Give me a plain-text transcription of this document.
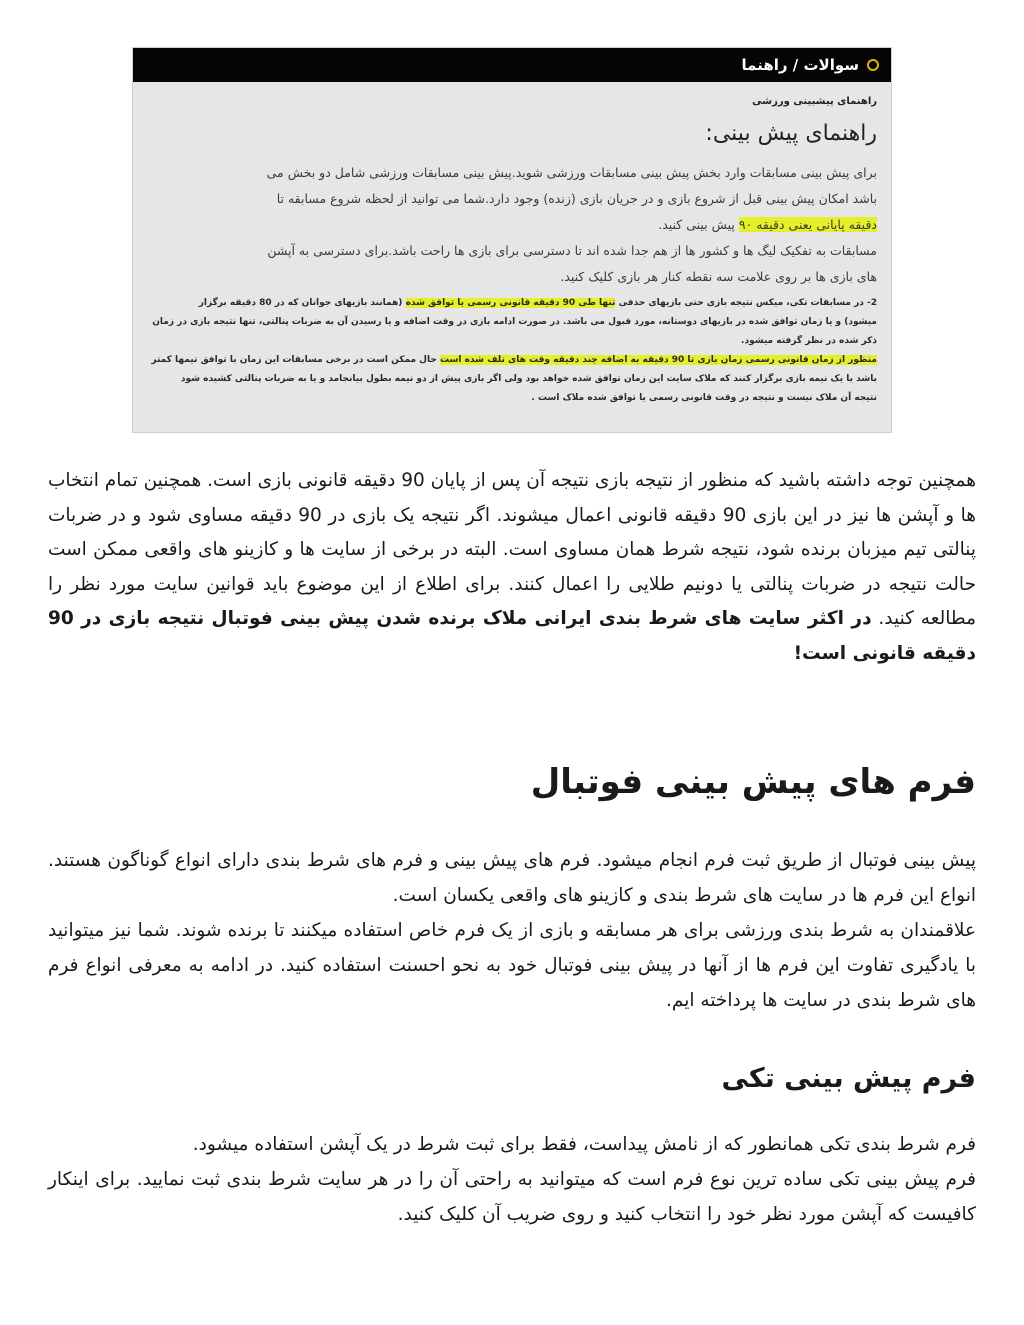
سوالات / راهنما
راهنمای پیشبینی ورزشی
راهنمای پیش بینی:
برای پیش بینی مسابقات وارد بخش پیش بینی مسابقات ورزشی شوید.پیش بینی مسابقات ورزشی شامل دو بخش می
باشد امکان پیش بینی قبل از شروع بازی و در جریان بازی (زنده) وجود دارد.شما می توانید از لحظه شروع مسابقه تا
دقیقه پایانی یعنی دقیقه ۹۰ پیش بینی کنید.
مسابقات به تفکیک لیگ ها و کشور ها از هم جدا شده اند تا دسترسی برای بازی ها راحت باشد.برای دسترسی به آپشن
های بازی ها بر روی علامت سه نقطه کنار هر بازی کلیک کنید.
2- در مسابقات تکی، میکس نتیجه بازی حتی بازیهای حذفی تنها طی 90 دقیقه قانونی رسمی یا توافق شده (همانند بازیهای جوانان که در 80 دقیقه برگزار
میشود) و یا زمان توافق شده در بازیهای دوستانه، مورد قبول می باشد. در صورت ادامه بازی در وقت اضافه و یا رسیدن آن به ضربات پنالتی، تنها نتیجه بازی در زمان
ذکر شده در نظر گرفته میشود.
منظور از زمان قانونی رسمی زمان بازی تا 90 دقیقه به اضافه چند دقیقه وقت های تلف شده است حال ممکن است در برخی مسابقات این زمان با توافق تیمها کمتر
باشد یا یک نیمه بازی برگزار کنند که ملاک سایت این زمان توافق شده خواهد بود ولی اگر بازی پیش از دو نیمه بطول بیانجامد و یا به ضربات پنالتی کشیده شود
نتیجه آن ملاک نیست و نتیجه در وقت قانونی رسمی یا توافق شده ملاک است .

همچنین توجه داشته باشید که منظور از نتیجه بازی نتیجه آن پس از پایان 90 دقیقه قانونی بازی است. همچنین تمام انتخاب ها و آپشن ها نیز در این بازی 90 دقیقه قانونی اعمال میشوند. اگر نتیجه یک بازی در 90 دقیقه مساوی شود و در ضربات پنالتی تیم میزبان برنده شود، نتیجه شرط همان مساوی است. البته در برخی از سایت ها و کازینو های واقعی ممکن است حالت نتیجه در ضربات پنالتی یا دونیم طلایی را اعمال کنند. برای اطلاع از این موضوع باید قوانین سایت مورد نظر را مطالعه کنید. در اکثر سایت های شرط بندی ایرانی ملاک برنده شدن پیش بینی فوتبال نتیجه بازی در 90 دقیقه قانونی است!

فرم های پیش بینی فوتبال
پیش بینی فوتبال از طریق ثبت فرم انجام میشود. فرم های پیش بینی و فرم های شرط بندی دارای انواع گوناگون هستند. انواع این فرم ها در سایت های شرط بندی و کازینو های واقعی یکسان است.
علاقمندان به شرط بندی ورزشی برای هر مسابقه و بازی از یک فرم خاص استفاده میکنند تا برنده شوند. شما نیز میتوانید با یادگیری تفاوت این فرم ها از آنها در پیش بینی فوتبال خود به نحو احسنت استفاده کنید. در ادامه به معرفی انواع فرم های شرط بندی در سایت ها پرداخته ایم.
فرم پیش بینی تکی
فرم شرط بندی تکی همانطور که از نامش پیداست، فقط برای ثبت شرط در یک آپشن استفاده میشود.
فرم پیش بینی تکی ساده ترین نوع فرم است که میتوانید به راحتی آن را در هر سایت شرط بندی ثبت نمایید. برای اینکار کافیست که آپشن مورد نظر خود را انتخاب کنید و روی ضریب آن کلیک کنید.
